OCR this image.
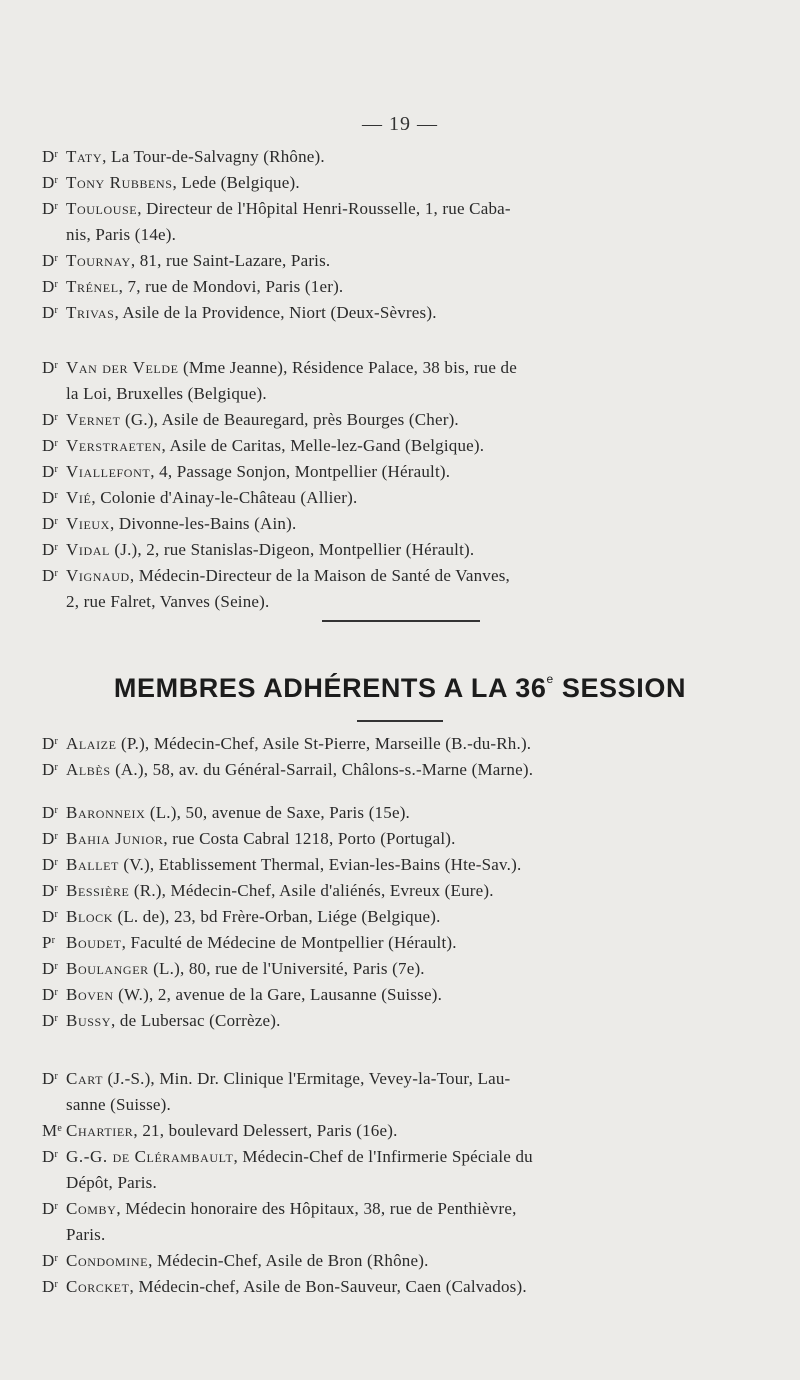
— 19 —
$D^r$ Taty, La Tour-de-Salvagny (Rhône).
$D^r$ Tony Rubbens, Lede (Belgique).
$D^r$ Toulouse, Directeur de l'Hôpital Henri-Rousselle, 1, rue Caba-
nis, Paris (14e).
$D^r$ Tournay, 81, rue Saint-Lazare, Paris.
$D^r$ Trénel, 7, rue de Mondovi, Paris (1er).
$D^r$ Trivas, Asile de la Providence, Niort (Deux-Sèvres).
$D^r$ Van der Velde (Mme Jeanne), Résidence Palace, 38 bis, rue de
la Loi, Bruxelles (Belgique).
$D^r$ Vernet (G.), Asile de Beauregard, près Bourges (Cher).
$D^r$ Verstraeten, Asile de Caritas, Melle-lez-Gand (Belgique).
$D^r$ Viallefont, 4, Passage Sonjon, Montpellier (Hérault).
$D^r$ Vié, Colonie d'Ainay-le-Château (Allier).
$D^r$ Vieux, Divonne-les-Bains (Ain).
$D^r$ Vidal (J.), 2, rue Stanislas-Digeon, Montpellier (Hérault).
$D^r$ Vignaud, Médecin-Directeur de la Maison de Santé de Vanves,
2, rue Falret, Vanves (Seine).
MEMBRES ADHÉRENTS A LA 36e SESSION
$D^r$ Alaize (P.), Médecin-Chef, Asile St-Pierre, Marseille (B.-du-Rh.).
$D^r$ Albès (A.), 58, av. du Général-Sarrail, Châlons-s.-Marne (Marne).
$D^r$ Baronneix (L.), 50, avenue de Saxe, Paris (15e).
$D^r$ Bahia Junior, rue Costa Cabral 1218, Porto (Portugal).
$D^r$ Ballet (V.), Etablissement Thermal, Evian-les-Bains (Hte-Sav.).
$D^r$ Bessière (R.), Médecin-Chef, Asile d'aliénés, Evreux (Eure).
$D^r$ Block (L. de), 23, bd Frère-Orban, Liége (Belgique).
$P^r$ Boudet, Faculté de Médecine de Montpellier (Hérault).
$D^r$ Boulanger (L.), 80, rue de l'Université, Paris (7e).
$D^r$ Boven (W.), 2, avenue de la Gare, Lausanne (Suisse).
$D^r$ Bussy, de Lubersac (Corrèze).
$D^r$ Cart (J.-S.), Min. Dr. Clinique l'Ermitage, Vevey-la-Tour, Lau-
sanne (Suisse).
Me Chartier, 21, boulevard Delessert, Paris (16e).
$D^r$ G.-G. de Clérambault, Médecin-Chef de l'Infirmerie Spéciale du
Dépôt, Paris.
$D^r$ Comby, Médecin honoraire des Hôpitaux, 38, rue de Penthièvre,
Paris.
$D^r$ Condomine, Médecin-Chef, Asile de Bron (Rhône).
$D^r$ Corcket, Médecin-chef, Asile de Bon-Sauveur, Caen (Calvados).
